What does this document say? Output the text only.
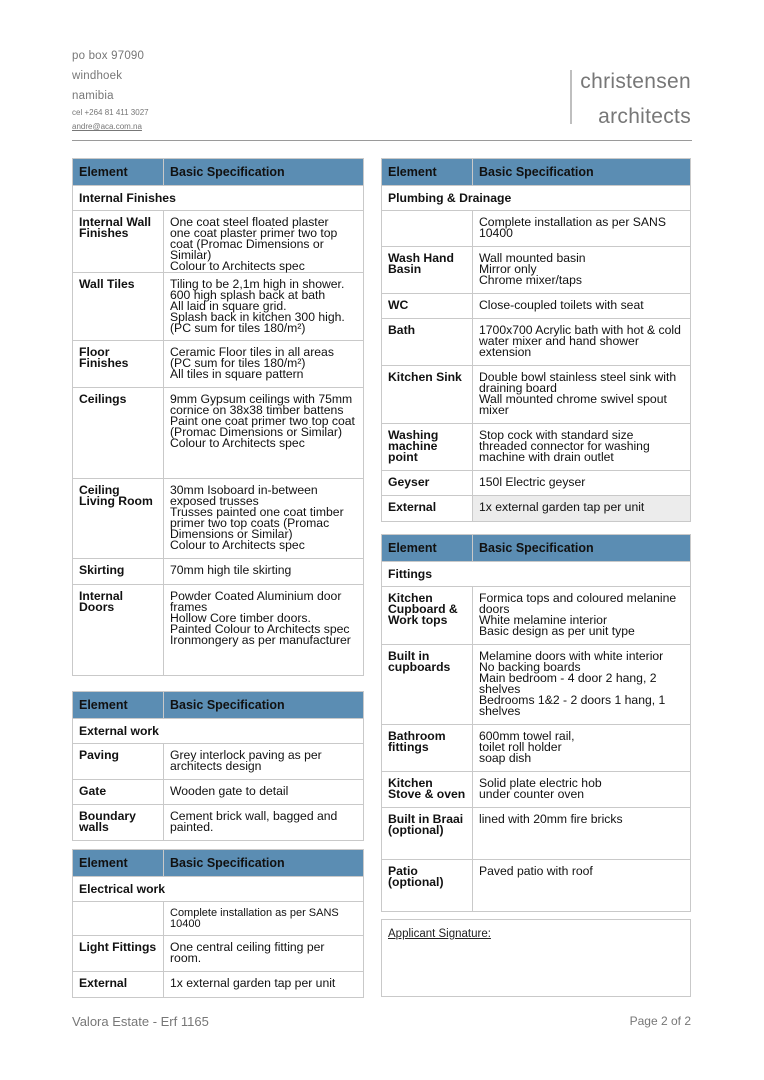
po box 97090
windhoek
namibia
cel +264 81 411 3027
andre@aca.com.na
christensen
architects
Element	Basic Specification
Internal Finishes	
Internal Wall Finishes	One coat steel floated plaster
one coat plaster primer two top coat (Promac Dimensions or Similar)
Colour to Architects spec
Wall Tiles	Tiling to be 2,1m high in shower.
600 high splash back at bath
All laid in square grid.
Splash back in kitchen 300 high.
(PC sum for tiles 180/m²)
Floor Finishes	Ceramic Floor tiles in all areas
(PC sum for tiles 180/m²)
All tiles in square pattern
Ceilings	9mm Gypsum ceilings with 75mm cornice on 38x38 timber battens
Paint one coat primer two top coat (Promac Dimensions or Similar)
Colour to Architects spec
Ceiling Living Room	30mm Isoboard in-between exposed trusses
Trusses painted one coat timber primer two top coats (Promac Dimensions or Similar)
Colour to Architects spec
Skirting	70mm high tile skirting
Internal Doors	Powder Coated Aluminium door frames
Hollow Core timber doors.
Painted Colour to Architects spec
Ironmongery as per manufacturer
Element	Basic Specification
External work	
Paving	Grey interlock paving as per architects design
Gate	Wooden gate to detail
Boundary walls	Cement brick wall, bagged and painted.
Element	Basic Specification
Electrical work	
	Complete installation as per SANS 10400
Light Fittings	One central ceiling fitting per room.
External	1x external garden tap per unit
Element	Basic Specification
Plumbing & Drainage	
	Complete installation as per SANS 10400
Wash Hand Basin	Wall mounted basin
Mirror only
Chrome mixer/taps
WC	Close-coupled toilets with seat
Bath	1700x700 Acrylic bath with hot & cold water mixer and hand shower extension
Kitchen Sink	Double bowl stainless steel sink with draining board
Wall mounted chrome swivel spout mixer
Washing machine point	Stop cock with standard size threaded connector for washing machine with drain outlet
Geyser	150l Electric geyser
External	1x external garden tap per unit
Element	Basic Specification
Fittings	
Kitchen Cupboard & Work tops	Formica tops and coloured melanine doors
White melamine interior
Basic design as per unit type
Built in cupboards	Melamine doors with white interior
No backing boards
Main bedroom - 4 door 2 hang, 2 shelves
Bedrooms 1&2 - 2 doors 1 hang, 1 shelves
Bathroom fittings	600mm towel rail,
toilet roll holder
soap dish
Kitchen Stove & oven	Solid plate electric hob
under counter oven
Built in Braai (optional)	lined with 20mm fire bricks
Patio (optional)	Paved patio with roof
Applicant Signature:
Valora Estate - Erf 1165	Page 2 of 2
